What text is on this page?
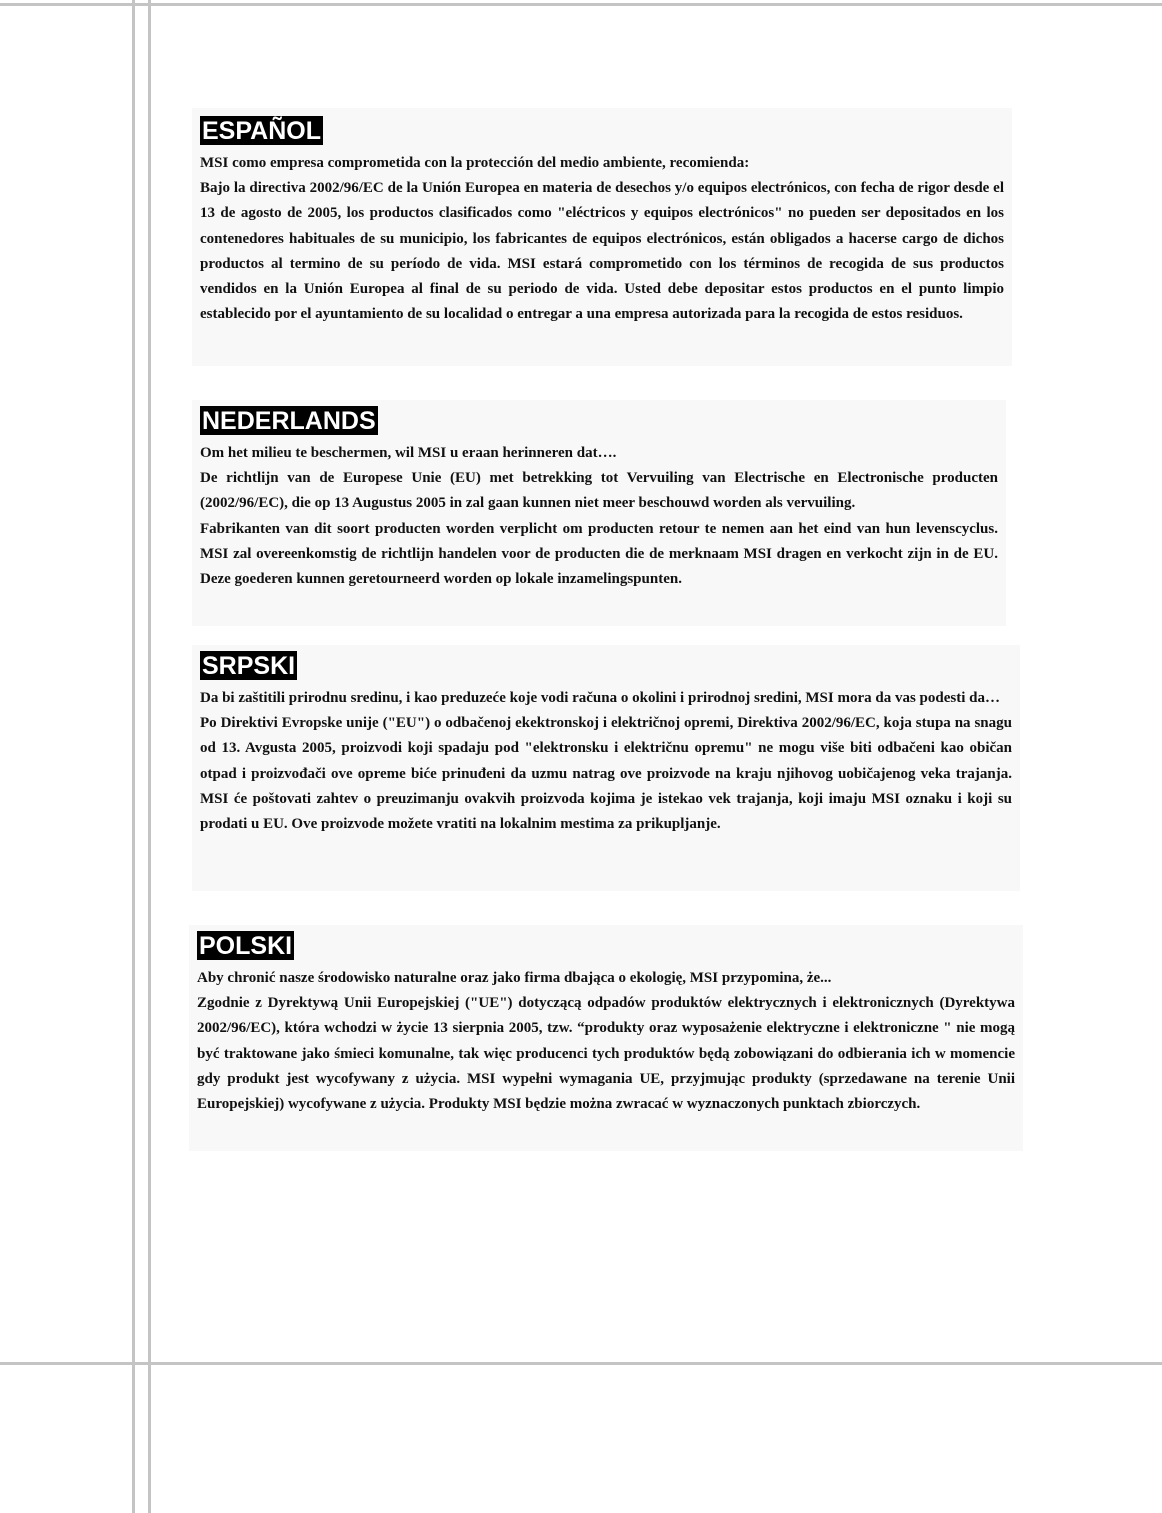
ESPAÑOL

MSI como empresa comprometida con la protección del medio ambiente, recomienda:

Bajo la directiva 2002/96/EC de la Unión Europea en materia de desechos y/o equipos electrónicos, con fecha de rigor desde el 13 de agosto de 2005, los productos clasificados como "eléctricos y equipos electrónicos" no pueden ser depositados en los contenedores habituales de su municipio, los fabricantes de equipos electrónicos, están obligados a hacerse cargo de dichos productos al termino de su período de vida. MSI estará comprometido con los términos de recogida de sus productos vendidos en la Unión Europea al final de su periodo de vida. Usted debe depositar estos productos en el punto limpio establecido por el ayuntamiento de su localidad o entregar a una empresa autorizada para la recogida de estos residuos.

NEDERLANDS

Om het milieu te beschermen, wil MSI u eraan herinneren dat….

De richtlijn van de Europese Unie (EU) met betrekking tot Vervuiling van Electrische en Electronische producten (2002/96/EC), die op 13 Augustus 2005 in zal gaan kunnen niet meer beschouwd worden als vervuiling.

Fabrikanten van dit soort producten worden verplicht om producten retour te nemen aan het eind van hun levenscyclus. MSI zal overeenkomstig de richtlijn handelen voor de producten die de merknaam MSI dragen en verkocht zijn in de EU. Deze goederen kunnen geretourneerd worden op lokale inzamelingspunten.

SRPSKI

Da bi zaštitili prirodnu sredinu, i kao preduzeće koje vodi računa o okolini i prirodnoj sredini, MSI mora da vas podesti da…

Po Direktivi Evropske unije ("EU") o odbačenoj ekektronskoj i električnoj opremi, Direktiva 2002/96/EC, koja stupa na snagu od 13. Avgusta 2005, proizvodi koji spadaju pod "elektronsku i električnu opremu" ne mogu više biti odbačeni kao običan otpad i proizvođači ove opreme biće prinuđeni da uzmu natrag ove proizvode na kraju njihovog uobičajenog veka trajanja. MSI će poštovati zahtev o preuzimanju ovakvih proizvoda kojima je istekao vek trajanja, koji imaju MSI oznaku i koji su prodati u EU. Ove proizvode možete vratiti na lokalnim mestima za prikupljanje.

POLSKI

Aby chronić nasze środowisko naturalne oraz jako firma dbająca o ekologię, MSI przypomina, że...

Zgodnie z Dyrektywą Unii Europejskiej ("UE") dotyczącą odpadów produktów elektrycznych i elektronicznych (Dyrektywa 2002/96/EC), która wchodzi w życie 13 sierpnia 2005, tzw. “produkty oraz wyposażenie elektryczne i elektroniczne " nie mogą być traktowane jako śmieci komunalne, tak więc producenci tych produktów będą zobowiązani do odbierania ich w momencie gdy produkt jest wycofywany z użycia. MSI wypełni wymagania UE, przyjmując produkty (sprzedawane na terenie Unii Europejskiej) wycofywane z użycia. Produkty MSI będzie można zwracać w wyznaczonych punktach zbiorczych.
